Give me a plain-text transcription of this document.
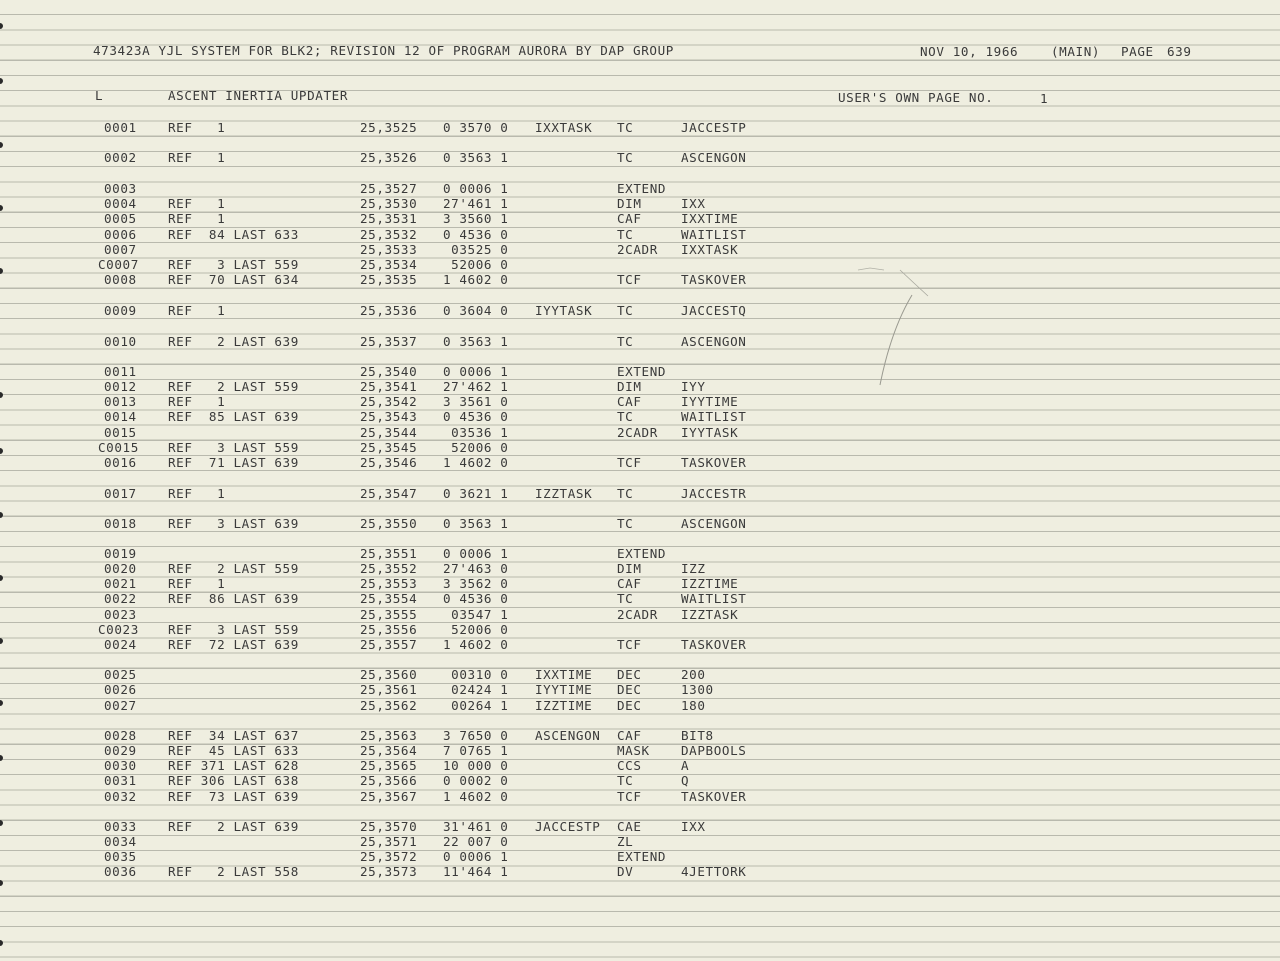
473423A YJL SYSTEM FOR BLK2; REVISION 12 OF PROGRAM AURORA BY DAP GROUP	NOV 10, 1966	(MAIN) PAGE 639
L	ASCENT INERTIA UPDATER	USER'S OWN PAGE NO.	1
0001 REF   1	25,3525 0 3570 0 IXXTASK TC	JACCESTP
0002 REF   1	25,3526 0 3563 1	TC	ASCENGON
0003	25,3527 0 0006 1	EXTEND
0004 REF   1	25,3530 27'461 1	DIM	IXX
0005 REF   1	25,3531 3 3560 1	CAF	IXXTIME
0006 REF  84 LAST 633	25,3532 0 4536 0	TC	WAITLIST
0007	25,3533 03525 0	2CADR IXXTASK
C0007 REF   3 LAST 559	25,3534 52006 0
0008 REF  70 LAST 634	25,3535 1 4602 0	TCF	TASKOVER
0009 REF   1	25,3536 0 3604 0 IYYTASK TC	JACCESTQ
0010 REF   2 LAST 639	25,3537 0 3563 1	TC	ASCENGON
0011	25,3540 0 0006 1	EXTEND
0012 REF   2 LAST 559	25,3541 27'462 1	DIM	IYY
0013 REF   1	25,3542 3 3561 0	CAF	IYYTIME
0014 REF  85 LAST 639	25,3543 0 4536 0	TC	WAITLIST
0015	25,3544 03536 1	2CADR IYYTASK
C0015 REF   3 LAST 559	25,3545 52006 0
0016 REF  71 LAST 639	25,3546 1 4602 0	TCF	TASKOVER
0017 REF   1	25,3547 0 3621 1 IZZTASK TC	JACCESTR
0018 REF   3 LAST 639	25,3550 0 3563 1	TC	ASCENGON
0019	25,3551 0 0006 1	EXTEND
0020 REF   2 LAST 559	25,3552 27'463 0	DIM	IZZ
0021 REF   1	25,3553 3 3562 0	CAF	IZZTIME
0022 REF  86 LAST 639	25,3554 0 4536 0	TC	WAITLIST
0023	25,3555 03547 1	2CADR IZZTASK
C0023 REF   3 LAST 559	25,3556 52006 0
0024 REF  72 LAST 639	25,3557 1 4602 0	TCF	TASKOVER
0025	25,3560 00310 0 IXXTIME DEC	200
0026	25,3561 02424 1 IYYTIME DEC	1300
0027	25,3562 00264 1 IZZTIME DEC	180
0028 REF  34 LAST 637	25,3563 3 7650 0 ASCENGON CAF	BIT8
0029 REF  45 LAST 633	25,3564 7 0765 1	MASK DAPBOOLS
0030 REF 371 LAST 628	25,3565 10 000 0	CCS	A
0031 REF 306 LAST 638	25,3566 0 0002 0	TC	Q
0032 REF  73 LAST 639	25,3567 1 4602 0	TCF	TASKOVER
0033 REF   2 LAST 639	25,3570 31'461 0 JACCESTP CAE	IXX
0034	25,3571 22 007 0	ZL
0035	25,3572 0 0006 1	EXTEND
0036 REF   2 LAST 558	25,3573 11'464 1	DV	4JETTORK
